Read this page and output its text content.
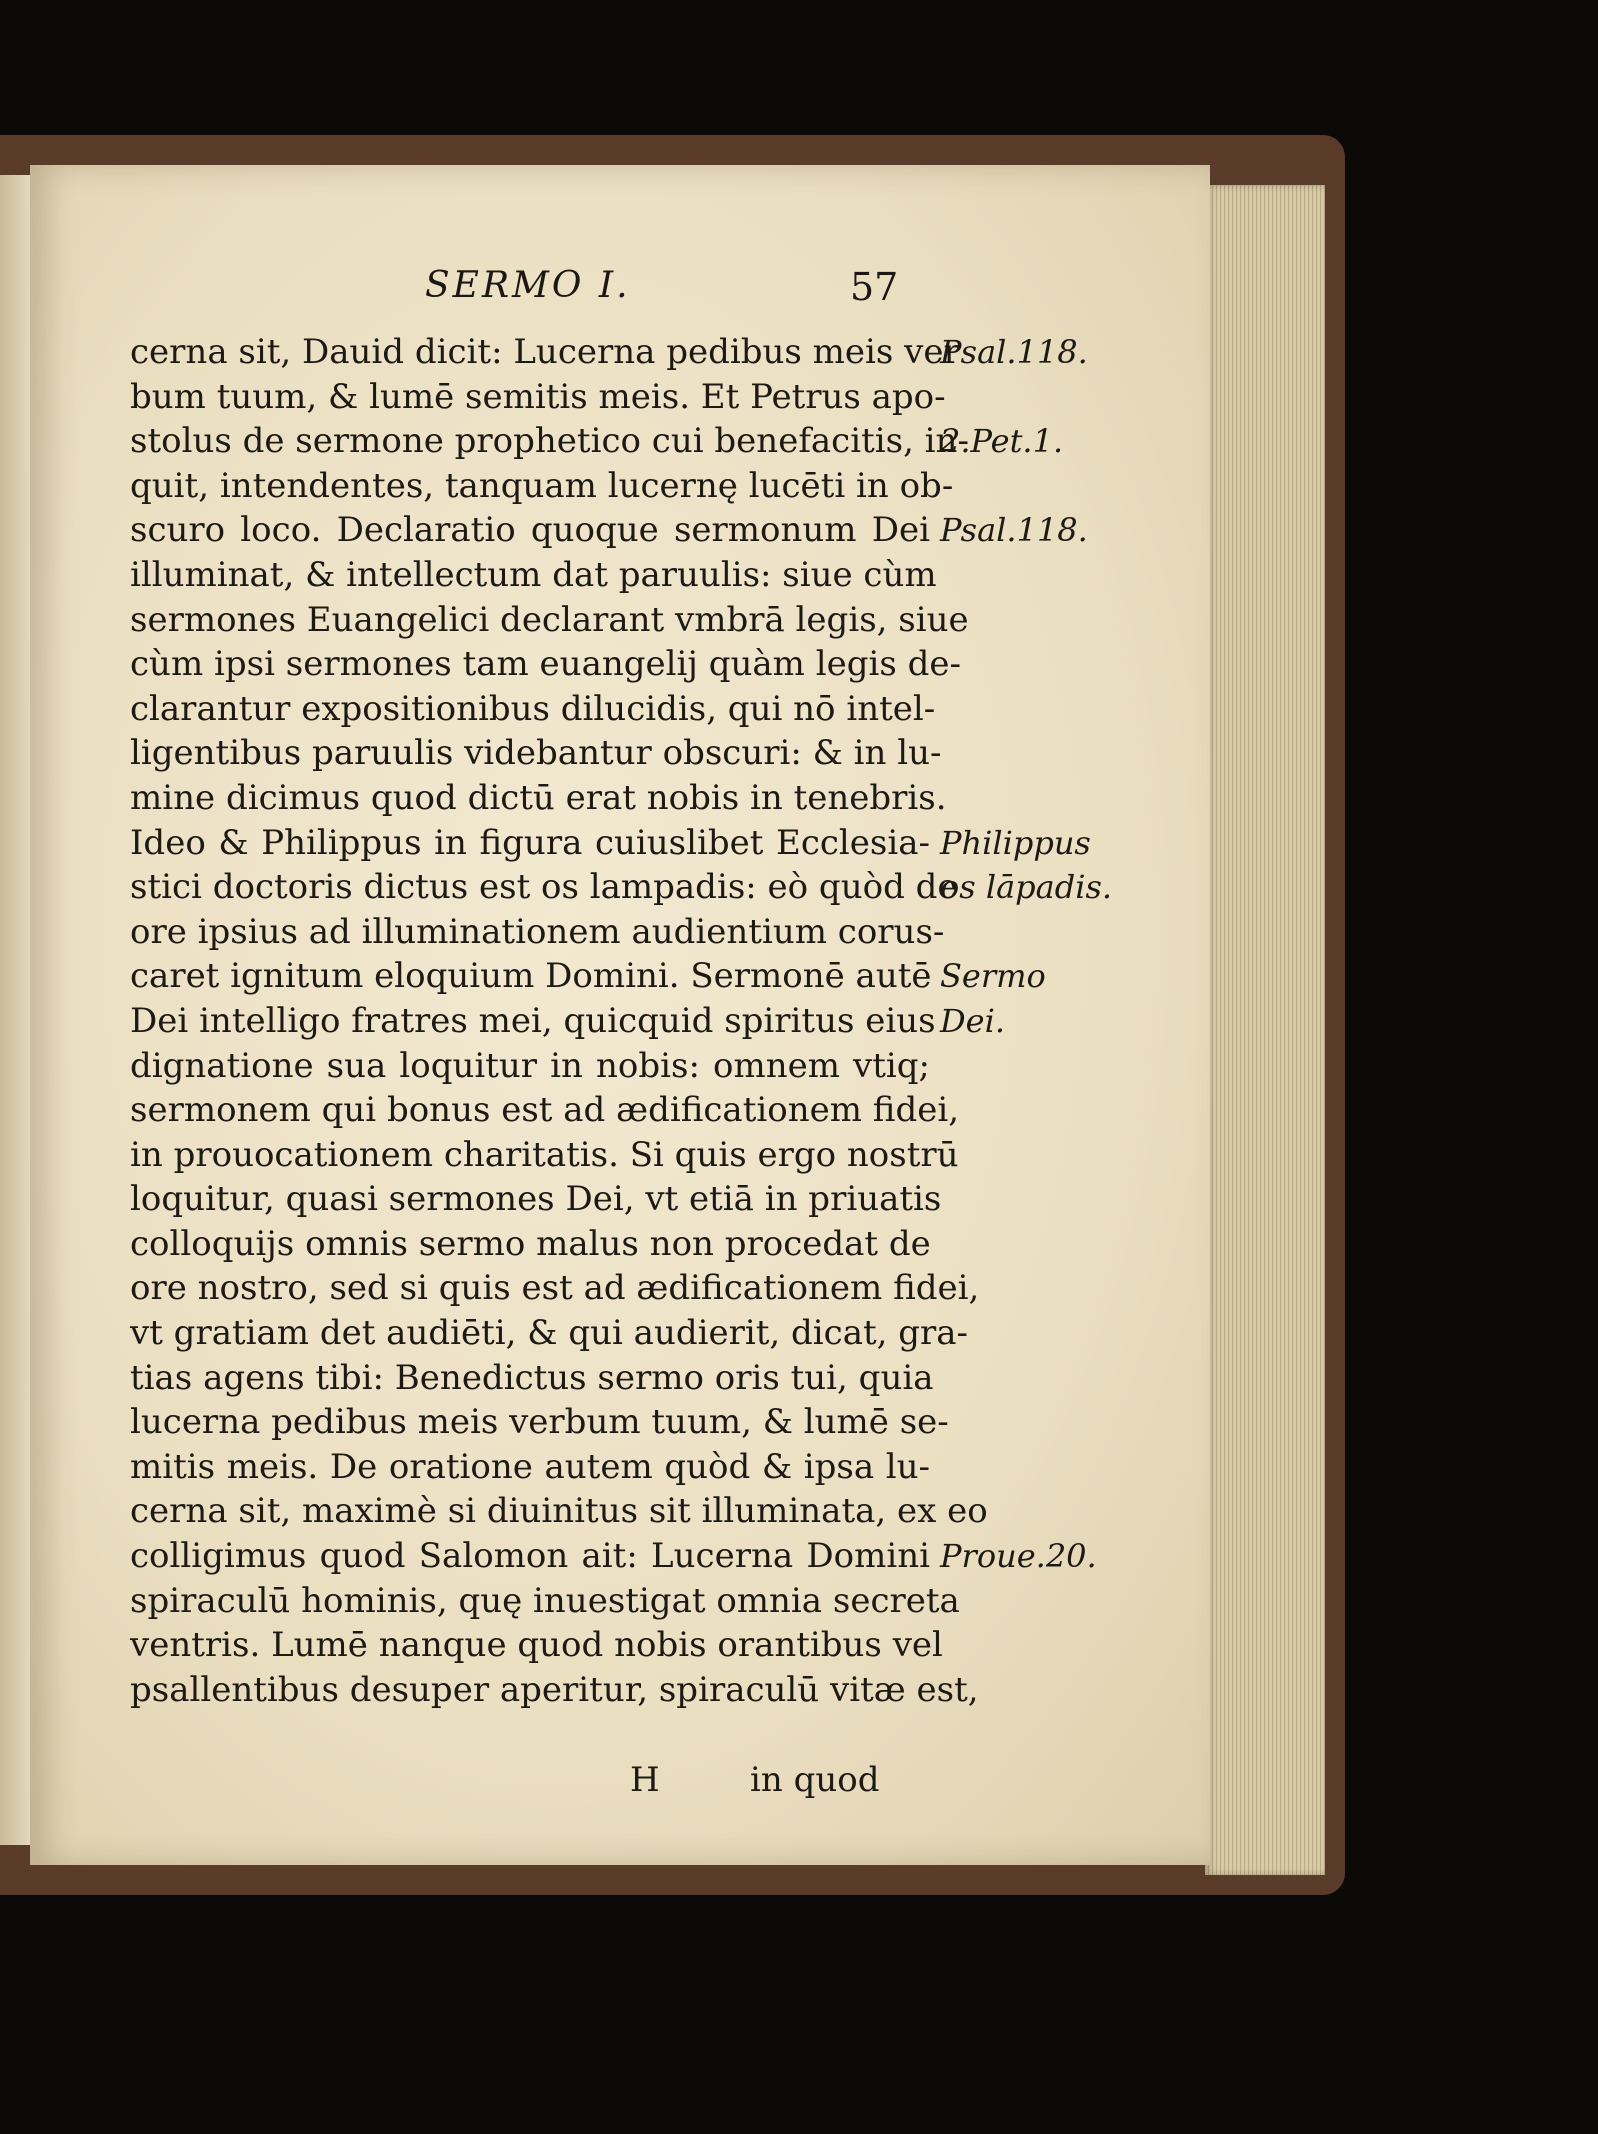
SERMO I.	57
cerna sit, Dauid dicit: Lucerna pedibus meis ver
bum tuum, & lumē semitis meis. Et Petrus apo-
stolus de sermone prophetico cui benefacitis, in-
quit, intendentes, tanquam lucernę lucēti in ob-
scuro loco. Declaratio quoque sermonum Dei
illuminat, & intellectum dat paruulis: siue cùm
sermones Euangelici declarant vmbrā legis, siue
cùm ipsi sermones tam euangelij quàm legis de-
clarantur expositionibus dilucidis, qui nō intel-
ligentibus paruulis videbantur obscuri: & in lu-
mine dicimus quod dictū erat nobis in tenebris.
Ideo & Philippus in figura cuiuslibet Ecclesia-
stici doctoris dictus est os lampadis: eò quòd de
ore ipsius ad illuminationem audientium corus-
caret ignitum eloquium Domini. Sermonē autē
Dei intelligo fratres mei, quicquid spiritus eius
dignatione sua loquitur in nobis: omnem vtiq;
sermonem qui bonus est ad ædificationem fidei,
in prouocationem charitatis. Si quis ergo nostrū
loquitur, quasi sermones Dei, vt etiā in priuatis
colloquijs omnis sermo malus non procedat de
ore nostro, sed si quis est ad ædificationem fidei,
vt gratiam det audiēti, & qui audierit, dicat, gra-
tias agens tibi: Benedictus sermo oris tui, quia
lucerna pedibus meis verbum tuum, & lumē se-
mitis meis. De oratione autem quòd & ipsa lu-
cerna sit, maximè si diuinitus sit illuminata, ex eo
colligimus quod Salomon ait: Lucerna Domini
spiraculū hominis, quę inuestigat omnia secreta
ventris. Lumē nanque quod nobis orantibus vel
psallentibus desuper aperitur, spiraculū vitæ est,
Psal.118.
2.Pet.1.
Psal.118.
Philippus
os lāpadis.
Sermo
Dei.
Proue.20.
H	in quod
